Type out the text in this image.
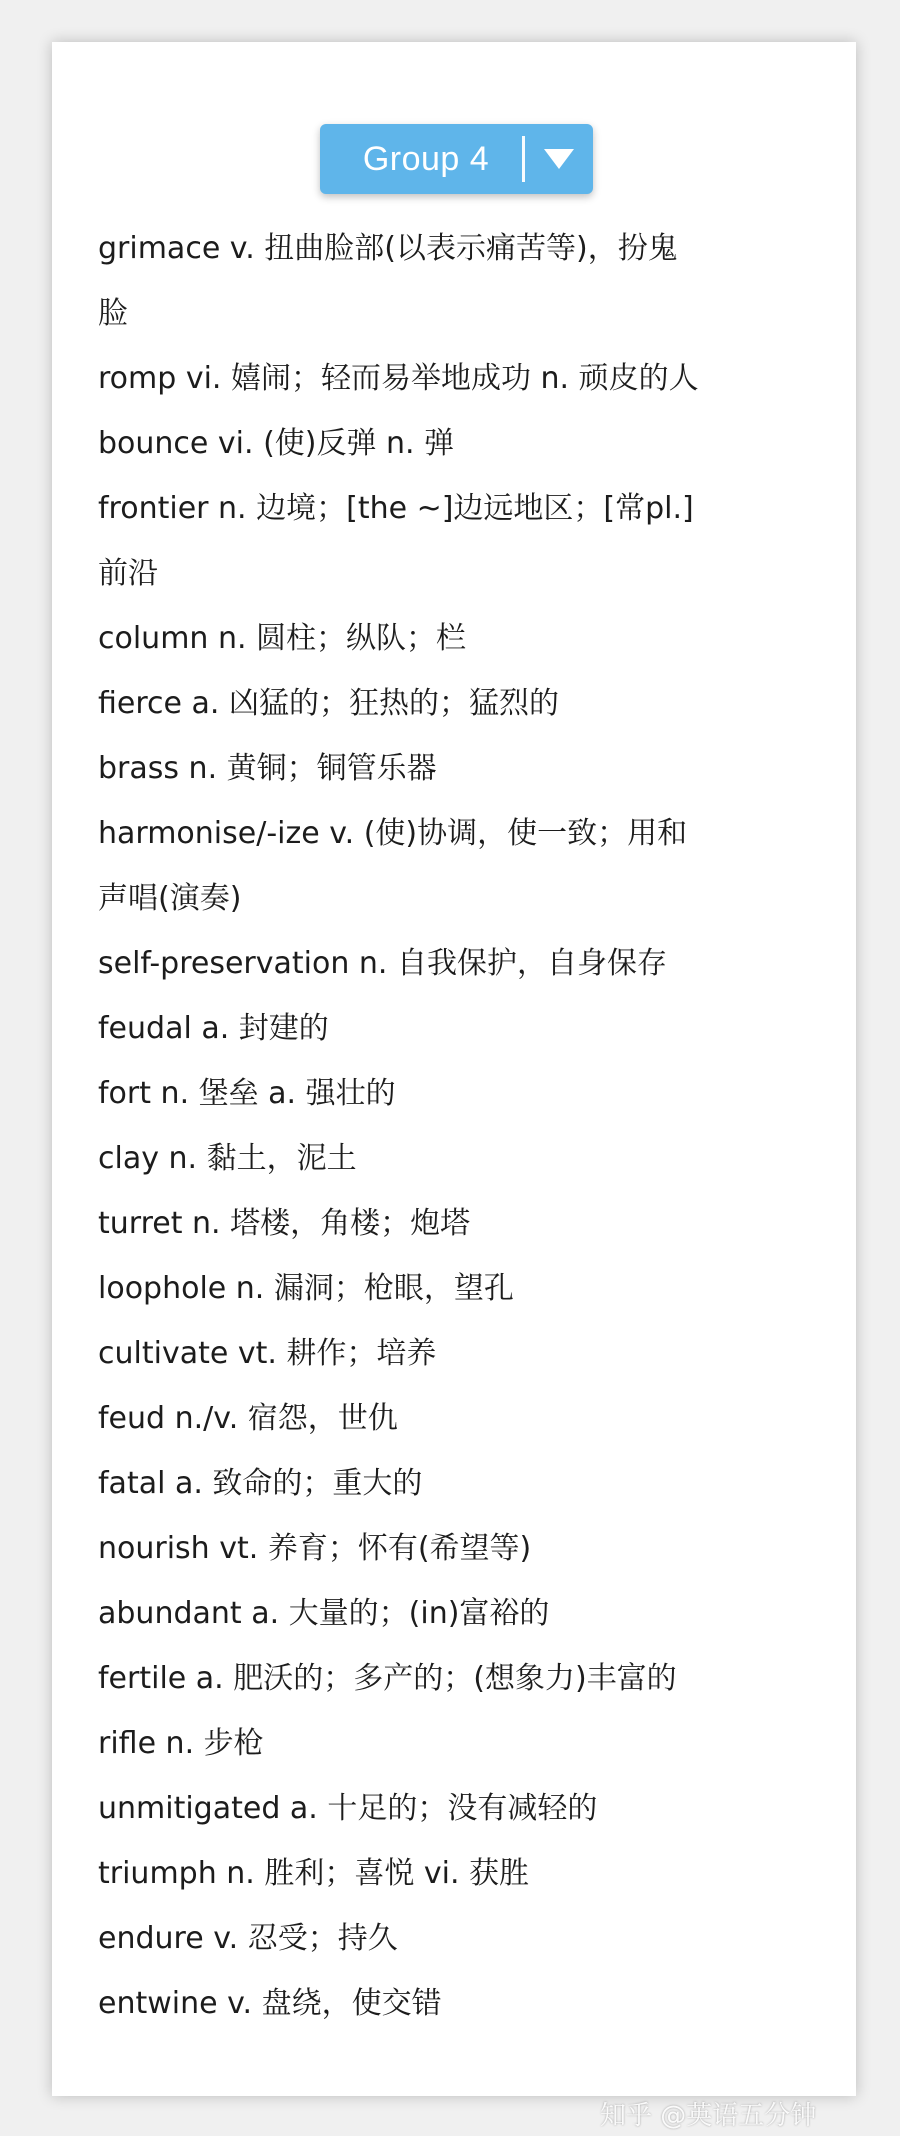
Group 4
grimace v. 扭曲脸部(以表示痛苦等)，扮鬼
脸
romp vi. 嬉闹；轻而易举地成功 n. 顽皮的人
bounce vi. (使)反弹 n. 弹
frontier n. 边境；[the ~]边远地区；[常pl.]
前沿
column n. 圆柱；纵队；栏
fierce a. 凶猛的；狂热的；猛烈的
brass n. 黄铜；铜管乐器
harmonise/-ize v. (使)协调，使一致；用和
声唱(演奏)
self-preservation n. 自我保护，自身保存
feudal a. 封建的
fort n. 堡垒 a. 强壮的
clay n. 黏土，泥土
turret n. 塔楼，角楼；炮塔
loophole n. 漏洞；枪眼，望孔
cultivate vt. 耕作；培养
feud n./v. 宿怨，世仇
fatal a. 致命的；重大的
nourish vt. 养育；怀有(希望等)
abundant a. 大量的；(in)富裕的
fertile a. 肥沃的；多产的；(想象力)丰富的
rifle n. 步枪
unmitigated a. 十足的；没有减轻的
triumph n. 胜利；喜悦 vi. 获胜
endure v. 忍受；持久
entwine v. 盘绕，使交错
知乎 @英语五分钟
